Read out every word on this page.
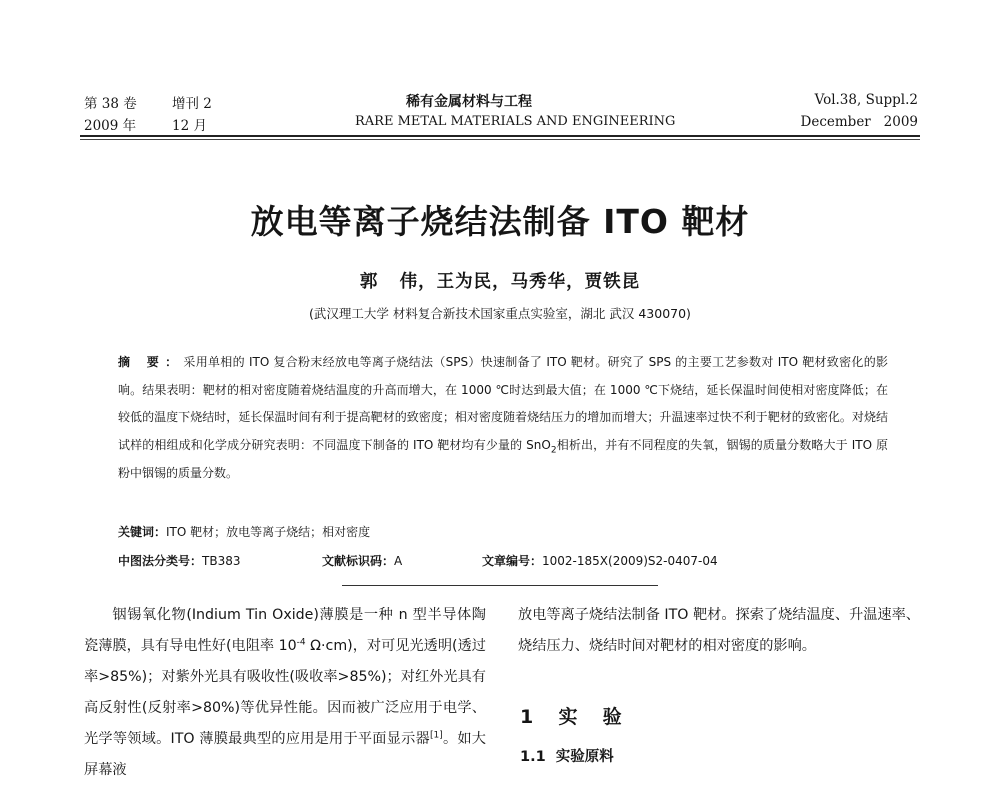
第 38 卷	增刊 2
2009 年	12 月
稀有金属材料与工程
RARE METAL MATERIALS AND ENGINEERING
Vol.38, Suppl.2
December   2009
放电等离子烧结法制备 ITO 靶材
郭   伟，王为民，马秀华，贾铁昆
(武汉理工大学 材料复合新技术国家重点实验室，湖北 武汉 430070)
摘 要：采用单相的 ITO 复合粉末经放电等离子烧结法（SPS）快速制备了 ITO 靶材。研究了 SPS 的主要工艺参数对 ITO 靶材致密化的影响。结果表明：靶材的相对密度随着烧结温度的升高而增大，在 1000 ℃时达到最大值；在 1000 ℃下烧结，延长保温时间使相对密度降低；在较低的温度下烧结时，延长保温时间有利于提高靶材的致密度；相对密度随着烧结压力的增加而增大；升温速率过快不利于靶材的致密化。对烧结试样的相组成和化学成分研究表明：不同温度下制备的 ITO 靶材均有少量的 SnO$_2$相析出，并有不同程度的失氧，铟锡的质量分数略大于 ITO 原粉中铟锡的质量分数。
关键词：ITO 靶材；放电等离子烧结；相对密度
中图法分类号：TB383	文献标识码：A	文章编号：1002-185X(2009)S2-0407-04
铟锡氧化物(Indium Tin Oxide)薄膜是一种 n 型半导体陶瓷薄膜，具有导电性好(电阻率 $10^{-4}$ Ω·cm)，对可见光透明(透过率>85%)；对紫外光具有吸收性(吸收率>85%)；对红外光具有高反射性(反射率>80%)等优异性能。因而被广泛应用于电学、光学等领域。ITO 薄膜最典型的应用是用于平面显示器[1]。如大屏幕液
放电等离子烧结法制备 ITO 靶材。探索了烧结温度、升温速率、烧结压力、烧结时间对靶材的相对密度的影响。
1  实  验
1.1  实验原料
